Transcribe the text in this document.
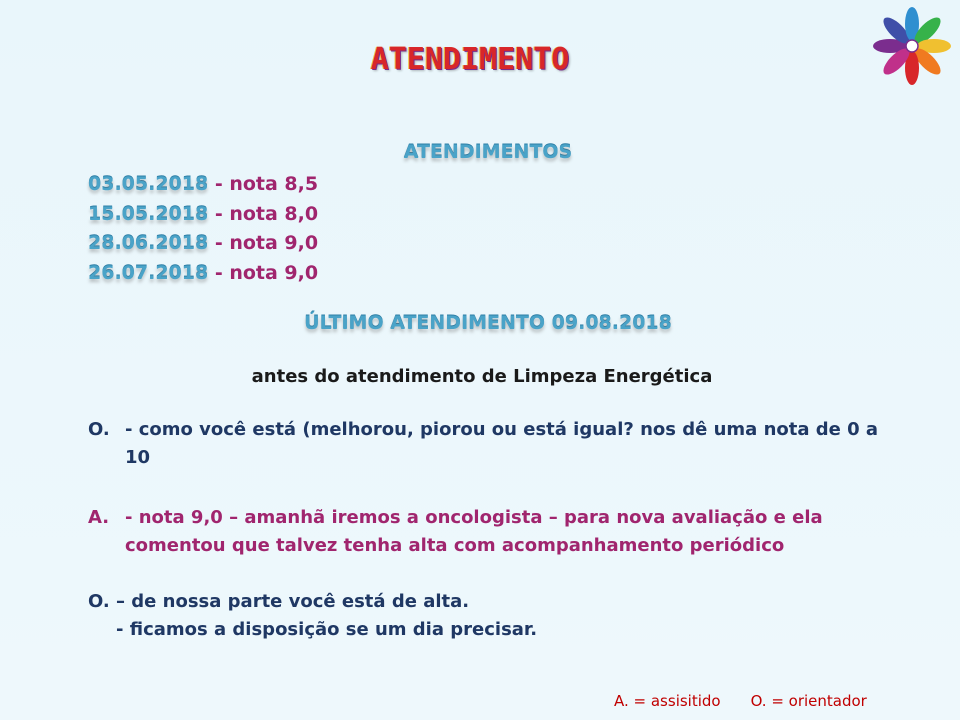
ATENDIMENTO
ATENDIMENTOS
03.05.2018 - nota 8,5
15.05.2018 - nota 8,0
28.06.2018 - nota 9,0
26.07.2018 - nota 9,0
ÚLTIMO ATENDIMENTO 09.08.2018
antes do atendimento de Limpeza Energética
O. - como você está (melhorou, piorou ou está igual? nos dê uma nota de 0 a 10
A. - nota 9,0 – amanhã iremos a oncologista – para nova avaliação e ela comentou que talvez tenha alta com acompanhamento periódico
O. – de nossa parte você está de alta.
- ficamos a disposição se um dia precisar.
A. = assisitido O. = orientador
